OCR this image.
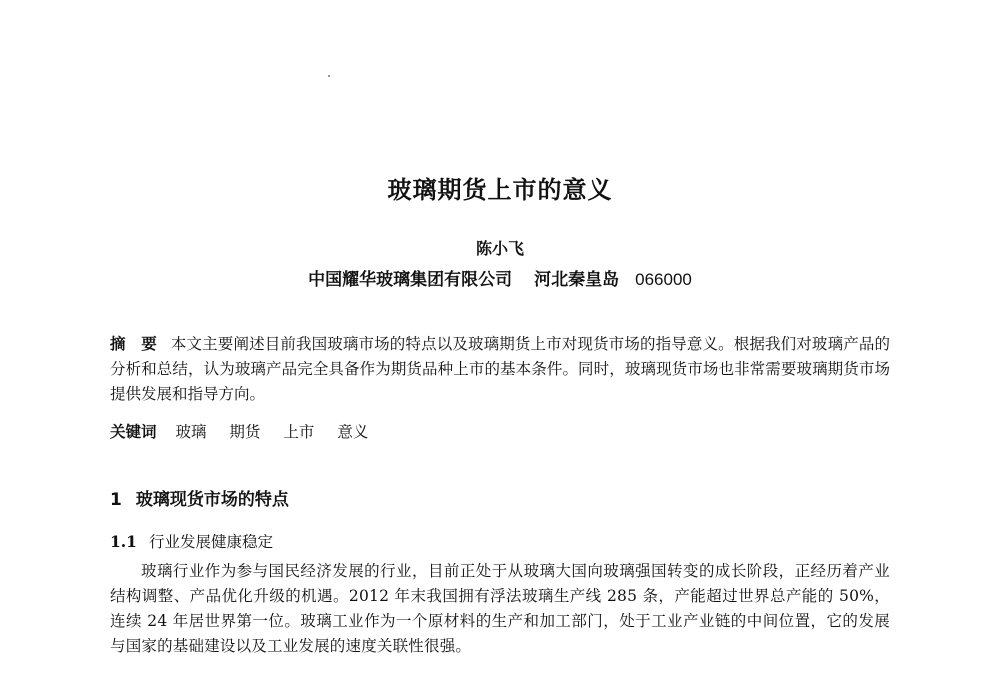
玻璃期货上市的意义
陈小飞
中国耀华玻璃集团有限公司 河北秦皇岛 066000
摘　要 本文主要阐述目前我国玻璃市场的特点以及玻璃期货上市对现货市场的指导意义。根据我们对玻璃产品的分析和总结，认为玻璃产品完全具备作为期货品种上市的基本条件。同时，玻璃现货市场也非常需要玻璃期货市场提供发展和指导方向。
关键词 玻璃 期货 上市 意义
1 玻璃现货市场的特点
1.1 行业发展健康稳定

玻璃行业作为参与国民经济发展的行业，目前正处于从玻璃大国向玻璃强国转变的成长阶段，正经历着产业结构调整、产品优化升级的机遇。2012 年末我国拥有浮法玻璃生产线 285 条，产能超过世界总产能的 50%，连续 24 年居世界第一位。玻璃工业作为一个原材料的生产和加工部门，处于工业产业链的中间位置，它的发展与国家的基础建设以及工业发展的速度关联性很强。
